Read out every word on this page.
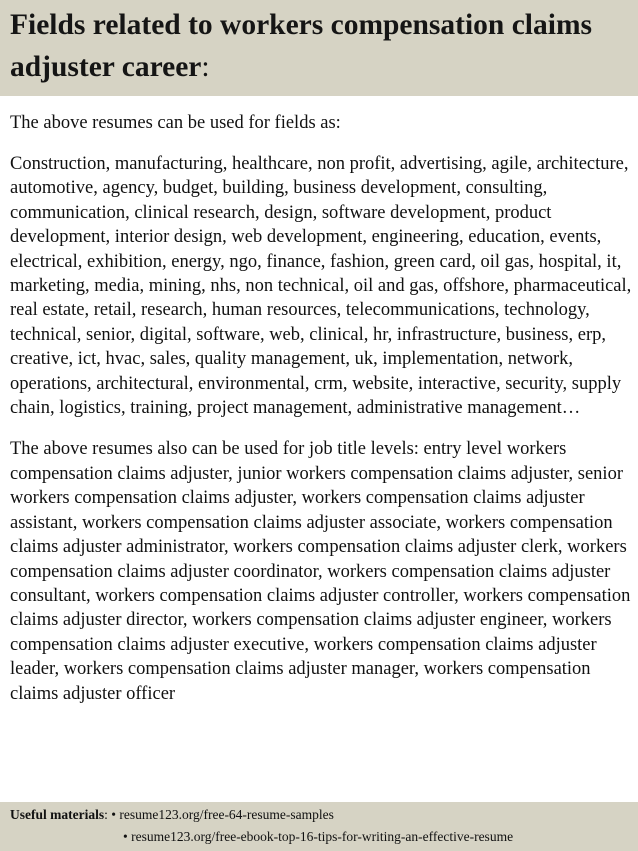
Fields related to workers compensation claims adjuster career:

The above resumes can be used for fields as:

Construction, manufacturing, healthcare, non profit, advertising, agile, architecture, automotive, agency, budget, building, business development, consulting, communication, clinical research, design, software development, product development, interior design, web development, engineering, education, events, electrical, exhibition, energy, ngo, finance, fashion, green card, oil gas, hospital, it, marketing, media, mining, nhs, non technical, oil and gas, offshore, pharmaceutical, real estate, retail, research, human resources, telecommunications, technology, technical, senior, digital, software, web, clinical, hr, infrastructure, business, erp, creative, ict, hvac, sales, quality management, uk, implementation, network, operations, architectural, environmental, crm, website, interactive, security, supply chain, logistics, training, project management, administrative management…

The above resumes also can be used for job title levels: entry level workers compensation claims adjuster, junior workers compensation claims adjuster, senior workers compensation claims adjuster, workers compensation claims adjuster assistant, workers compensation claims adjuster associate, workers compensation claims adjuster administrator, workers compensation claims adjuster clerk, workers compensation claims adjuster coordinator, workers compensation claims adjuster consultant, workers compensation claims adjuster controller, workers compensation claims adjuster director, workers compensation claims adjuster engineer, workers compensation claims adjuster executive, workers compensation claims adjuster leader, workers compensation claims adjuster manager, workers compensation claims adjuster officer

Useful materials: • resume123.org/free-64-resume-samples
• resume123.org/free-ebook-top-16-tips-for-writing-an-effective-resume
